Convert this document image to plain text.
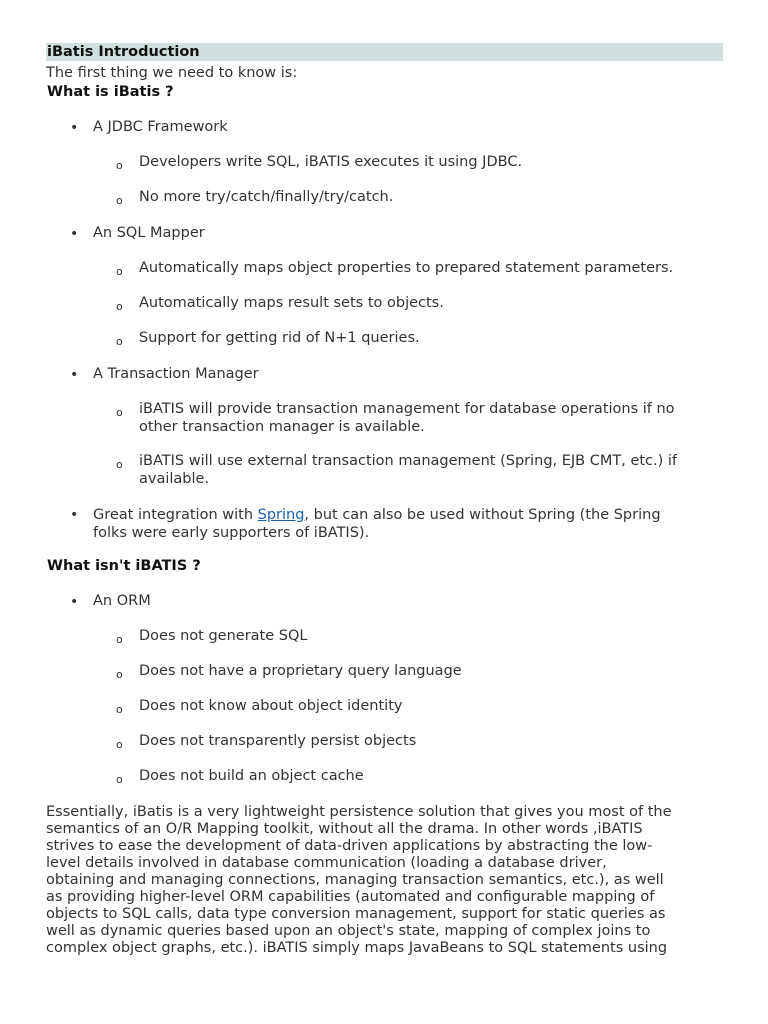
iBatis Introduction
The first thing we need to know is:
What is iBatis ?
• A JDBC Framework
o Developers write SQL, iBATIS executes it using JDBC.
o No more try/catch/finally/try/catch.
• An SQL Mapper
o Automatically maps object properties to prepared statement parameters.
o Automatically maps result sets to objects.
o Support for getting rid of N+1 queries.
• A Transaction Manager
o iBATIS will provide transaction management for database operations if no
other transaction manager is available.
o iBATIS will use external transaction management (Spring, EJB CMT, etc.) if
available.
• Great integration with Spring, but can also be used without Spring (the Spring
folks were early supporters of iBATIS).
What isn't iBATIS ?
• An ORM
o Does not generate SQL
o Does not have a proprietary query language
o Does not know about object identity
o Does not transparently persist objects
o Does not build an object cache
Essentially, iBatis is a very lightweight persistence solution that gives you most of the
semantics of an O/R Mapping toolkit, without all the drama. In other words ,iBATIS
strives to ease the development of data-driven applications by abstracting the low-
level details involved in database communication (loading a database driver,
obtaining and managing connections, managing transaction semantics, etc.), as well
as providing higher-level ORM capabilities (automated and configurable mapping of
objects to SQL calls, data type conversion management, support for static queries as
well as dynamic queries based upon an object's state, mapping of complex joins to
complex object graphs, etc.). iBATIS simply maps JavaBeans to SQL statements using
